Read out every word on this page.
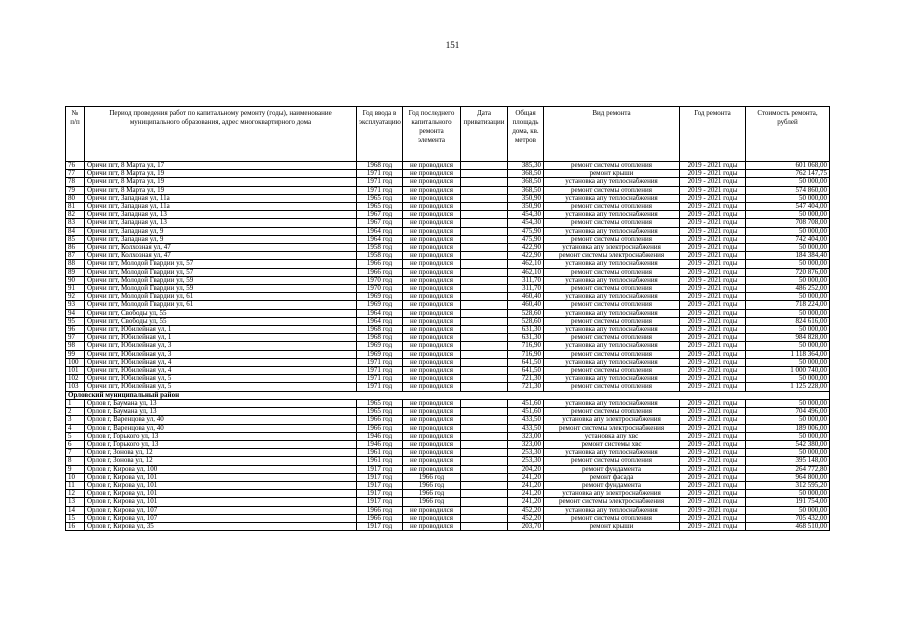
151
№ п/п	Период проведения работ по капитальному ремонту (годы), наименование муниципального образования, адрес многоквартирного дома	Год ввода в эксплуатацию	Год последнего капитального ремонта элемента	Дата приватизации	Общая площадь дома, кв. метров	Вид ремонта	Год ремонта	Стоимость ремонта, рублей
76	Оричи пгт, 8 Марта ул, 17	1968 год	не проводился		385,30	ремонт системы отопления	2019 - 2021 годы	601 068,00
77	Оричи пгт, 8 Марта ул, 19	1971 год	не проводился		368,50	ремонт крыши	2019 - 2021 годы	762 147,75
78	Оричи пгт, 8 Марта ул, 19	1971 год	не проводился		368,50	установка апу теплоснабжения	2019 - 2021 годы	50 000,00
79	Оричи пгт, 8 Марта ул, 19	1971 год	не проводился		368,50	ремонт системы отопления	2019 - 2021 годы	574 860,00
80	Оричи пгт, Западная ул, 11а	1965 год	не проводился		350,90	установка апу теплоснабжения	2019 - 2021 годы	50 000,00
81	Оричи пгт, Западная ул, 11а	1965 год	не проводился		350,90	ремонт системы отопления	2019 - 2021 годы	547 404,00
82	Оричи пгт, Западная ул, 13	1967 год	не проводился		454,30	установка апу теплоснабжения	2019 - 2021 годы	50 000,00
83	Оричи пгт, Западная ул, 13	1967 год	не проводился		454,30	ремонт системы отопления	2019 - 2021 годы	708 708,00
84	Оричи пгт, Западная ул, 9	1964 год	не проводился		475,90	установка апу теплоснабжения	2019 - 2021 годы	50 000,00
85	Оричи пгт, Западная ул, 9	1964 год	не проводился		475,90	ремонт системы отопления	2019 - 2021 годы	742 404,00
86	Оричи пгт, Колхозная ул, 47	1958 год	не проводился		422,90	установка апу электроснабжения	2019 - 2021 годы	50 000,00
87	Оричи пгт, Колхозная ул, 47	1958 год	не проводился		422,90	ремонт системы электроснабжения	2019 - 2021 годы	184 384,40
88	Оричи пгт, Молодой Гвардии ул, 57	1966 год	не проводился		462,10	установка апу теплоснабжения	2019 - 2021 годы	50 000,00
89	Оричи пгт, Молодой Гвардии ул, 57	1966 год	не проводился		462,10	ремонт системы отопления	2019 - 2021 годы	720 876,00
90	Оричи пгт, Молодой Гвардии ул, 59	1970 год	не проводился		311,70	установка апу теплоснабжения	2019 - 2021 годы	50 000,00
91	Оричи пгт, Молодой Гвардии ул, 59	1970 год	не проводился		311,70	ремонт системы отопления	2019 - 2021 годы	486 252,00
92	Оричи пгт, Молодой Гвардии ул, 61	1969 год	не проводился		460,40	установка апу теплоснабжения	2019 - 2021 годы	50 000,00
93	Оричи пгт, Молодой Гвардии ул, 61	1969 год	не проводился		460,40	ремонт системы отопления	2019 - 2021 годы	718 224,00
94	Оричи пгт, Свободы ул, 55	1964 год	не проводился		528,60	установка апу теплоснабжения	2019 - 2021 годы	50 000,00
95	Оричи пгт, Свободы ул, 55	1964 год	не проводился		528,60	ремонт системы отопления	2019 - 2021 годы	824 616,00
96	Оричи пгт, Юбилейная ул, 1	1968 год	не проводился		631,30	установка апу теплоснабжения	2019 - 2021 годы	50 000,00
97	Оричи пгт, Юбилейная ул, 1	1968 год	не проводился		631,30	ремонт системы отопления	2019 - 2021 годы	984 828,00
98	Оричи пгт, Юбилейная ул, 3	1969 год	не проводился		716,90	установка апу теплоснабжения	2019 - 2021 годы	50 000,00
99	Оричи пгт, Юбилейная ул, 3	1969 год	не проводился		716,90	ремонт системы отопления	2019 - 2021 годы	1 118 364,00
100	Оричи пгт, Юбилейная ул, 4	1971 год	не проводился		641,50	установка апу теплоснабжения	2019 - 2021 годы	50 000,00
101	Оричи пгт, Юбилейная ул, 4	1971 год	не проводился		641,50	ремонт системы отопления	2019 - 2021 годы	1 000 740,00
102	Оричи пгт, Юбилейная ул, 5	1971 год	не проводился		721,30	установка апу теплоснабжения	2019 - 2021 годы	50 000,00
103	Оричи пгт, Юбилейная ул, 5	1971 год	не проводился		721,30	ремонт системы отопления	2019 - 2021 годы	1 125 228,00
Орловский муниципальный район								
1	Орлов г, Баумана ул, 13	1965 год	не проводился		451,60	установка апу теплоснабжения	2019 - 2021 годы	50 000,00
2	Орлов г, Баумана ул, 13	1965 год	не проводился		451,60	ремонт системы отопления	2019 - 2021 годы	704 496,00
3	Орлов г, Варенцова ул, 40	1966 год	не проводился		433,50	установка апу электроснабжения	2019 - 2021 годы	50 000,00
4	Орлов г, Варенцова ул, 40	1966 год	не проводился		433,50	ремонт системы электроснабжения	2019 - 2021 годы	189 006,00
5	Орлов г, Горького ул, 13	1946 год	не проводился		323,00	установка апу хвс	2019 - 2021 годы	50 000,00
6	Орлов г, Горького ул, 13	1946 год	не проводился		323,00	ремонт системы хвс	2019 - 2021 годы	542 380,00
7	Орлов г, Зонова ул, 12	1961 год	не проводился		253,30	установка апу теплоснабжения	2019 - 2021 годы	50 000,00
8	Орлов г, Зонова ул, 12	1961 год	не проводился		253,30	ремонт системы отопления	2019 - 2021 годы	395 148,00
9	Орлов г, Кирова ул, 100	1917 год	не проводился		204,20	ремонт фундамента	2019 - 2021 годы	264 772,80
10	Орлов г, Кирова ул, 101	1917 год	1966 год		241,20	ремонт фасада	2019 - 2021 годы	964 800,00
11	Орлов г, Кирова ул, 101	1917 год	1966 год		241,20	ремонт фундамента	2019 - 2021 годы	312 595,20
12	Орлов г, Кирова ул, 101	1917 год	1966 год		241,20	установка апу электроснабжения	2019 - 2021 годы	50 000,00
13	Орлов г, Кирова ул, 101	1917 год	1966 год		241,20	ремонт системы электроснабжения	2019 - 2021 годы	191 754,00
14	Орлов г, Кирова ул, 107	1966 год	не проводился		452,20	установка апу теплоснабжения	2019 - 2021 годы	50 000,00
15	Орлов г, Кирова ул, 107	1966 год	не проводился		452,20	ремонт системы отопления	2019 - 2021 годы	705 432,00
16	Орлов г, Кирова ул, 35	1917 год	не проводился		203,70	ремонт крыши	2019 - 2021 годы	468 510,00
